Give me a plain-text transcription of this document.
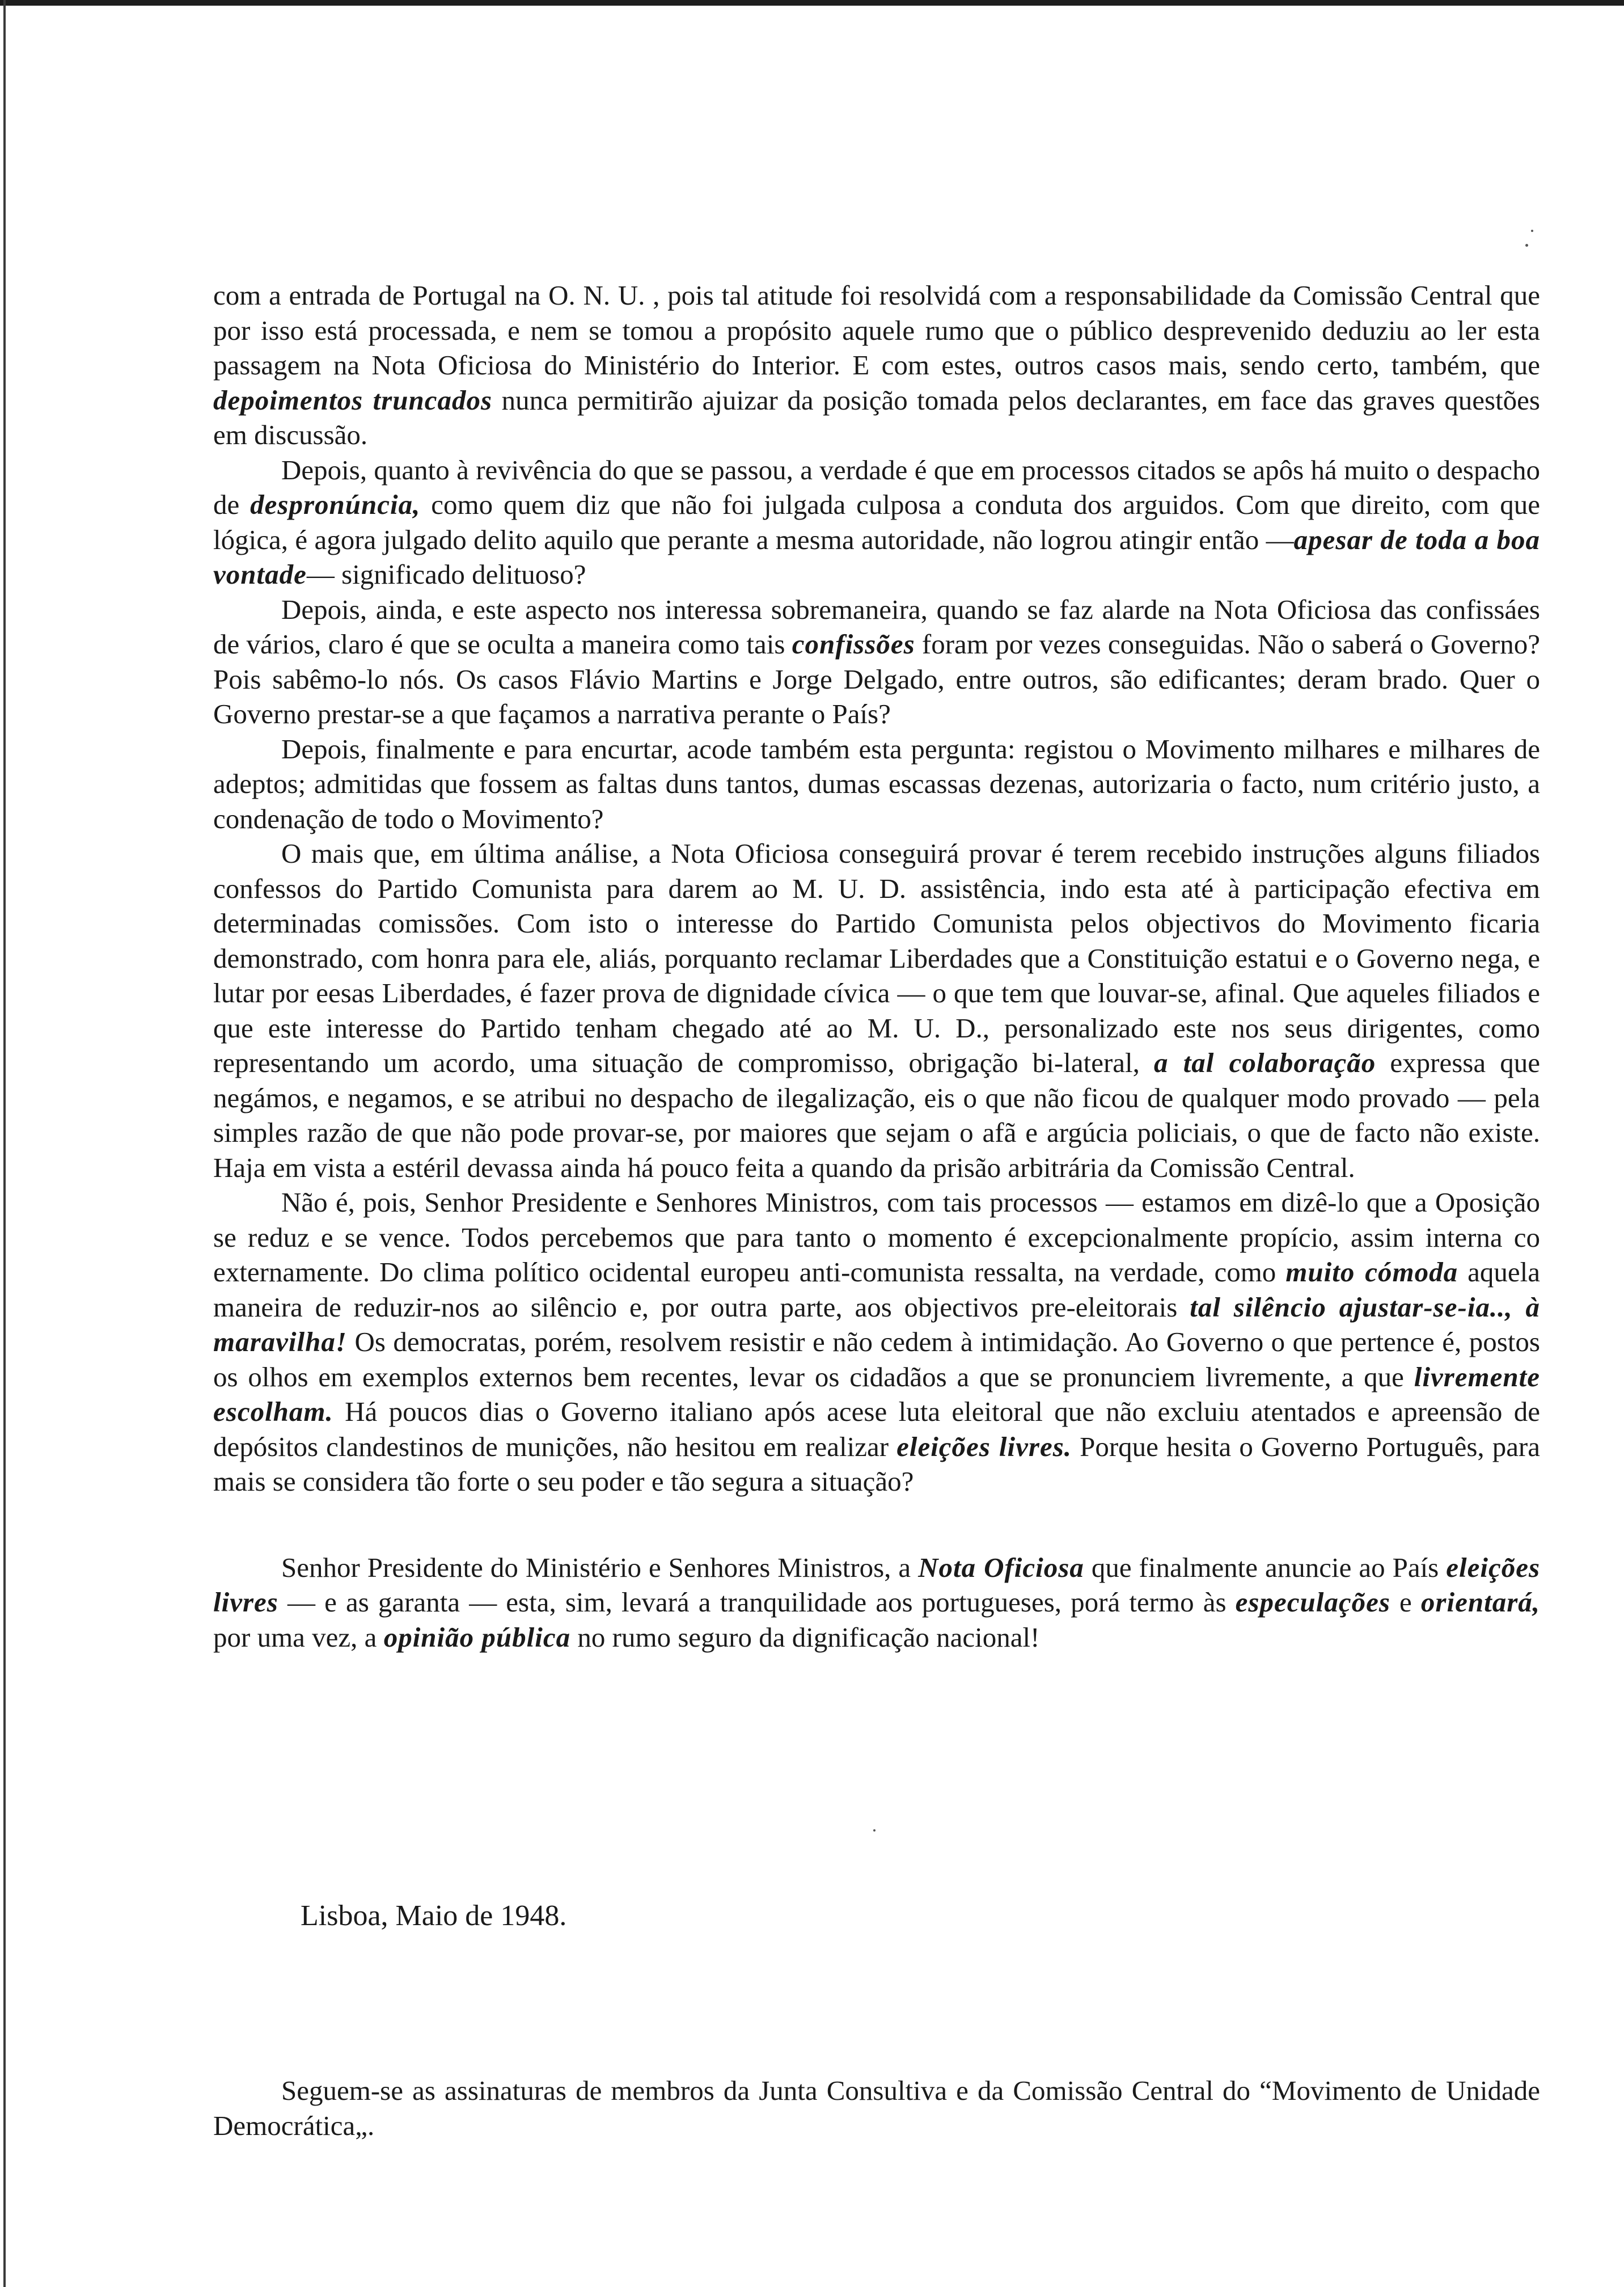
com a entrada de Portugal na O. N. U. , pois tal atitude foi resolvidá com a responsabilidade da Comissão Central que por isso está processada, e nem se tomou a propósito aquele rumo que o público desprevenido deduziu ao ler esta passagem na Nota Oficiosa do Ministério do Interior. E com estes, outros casos mais, sendo certo, também, que depoimentos truncados nunca permitirão ajuizar da posição tomada pelos declarantes, em face das graves questões em discussão.

Depois, quanto à revivência do que se passou, a verdade é que em processos citados se apôs há muito o despacho de despronúncia, como quem diz que não foi julgada culposa a conduta dos arguidos. Com que direito, com que lógica, é agora julgado delito aquilo que perante a mesma autoridade, não logrou atingir então —apesar de toda a boa vontade— significado delituoso?

Depois, ainda, e este aspecto nos interessa sobremaneira, quando se faz alarde na Nota Oficiosa das confissáes de vários, claro é que se oculta a maneira como tais confissões foram por vezes conseguidas. Não o saberá o Governo? Pois sabêmo-lo nós. Os casos Flávio Martins e Jorge Delgado, entre outros, são edificantes; deram brado. Quer o Governo prestar-se a que façamos a narrativa perante o País?

Depois, finalmente e para encurtar, acode também esta pergunta: registou o Movimento milhares e milhares de adeptos; admitidas que fossem as faltas duns tantos, dumas escassas dezenas, autorizaria o facto, num critério justo, a condenação de todo o Movimento?

O mais que, em última análise, a Nota Oficiosa conseguirá provar é terem recebido instruções alguns filiados confessos do Partido Comunista para darem ao M. U. D. assistência, indo esta até à participação efectiva em determinadas comissões. Com isto o interesse do Partido Comunista pelos objectivos do Movimento ficaria demonstrado, com honra para ele, aliás, porquanto reclamar Liberdades que a Constituição estatui e o Governo nega, e lutar por eesas Liberdades, é fazer prova de dignidade cívica — o que tem que louvar-se, afinal. Que aqueles filiados e que este interesse do Partido tenham chegado até ao M. U. D., personalizado este nos seus dirigentes, como representando um acordo, uma situação de compromisso, obrigação bi-lateral, a tal colaboração expressa que negámos, e negamos, e se atribui no despacho de ilegalização, eis o que não ficou de qualquer modo provado — pela simples razão de que não pode provar-se, por maiores que sejam o afã e argúcia policiais, o que de facto não existe. Haja em vista a estéril devassa ainda há pouco feita a quando da prisão arbitrária da Comissão Central.

Não é, pois, Senhor Presidente e Senhores Ministros, com tais processos — estamos em dizê-lo que a Oposição se reduz e se vence. Todos percebemos que para tanto o momento é excepcionalmente propício, assim interna co externamente. Do clima político ocidental europeu anti-comunista ressalta, na verdade, como muito cómoda aquela maneira de reduzir-nos ao silêncio e, por outra parte, aos objectivos pre-eleitorais tal silêncio ajustar-se-ia.., à maravilha! Os democratas, porém, resolvem resistir e não cedem à intimidação. Ao Governo o que pertence é, postos os olhos em exemplos externos bem recentes, levar os cidadãos a que se pronunciem livremente, a que livremente escolham. Há poucos dias o Governo italiano após acese luta eleitoral que não excluiu atentados e apreensão de depósitos clandestinos de munições, não hesitou em realizar eleições livres. Porque hesita o Governo Português, para mais se considera tão forte o seu poder e tão segura a situação?

Senhor Presidente do Ministério e Senhores Ministros, a Nota Oficiosa que finalmente anuncie ao País eleições livres — e as garanta — esta, sim, levará a tranquilidade aos portugueses, porá termo às especulações e orientará, por uma vez, a opinião pública no rumo seguro da dignificação nacional!

Lisboa, Maio de 1948.
Seguem-se as assinaturas de membros da Junta Consultiva e da Comissão Central do “Movimento de Unidade Democrática„.
